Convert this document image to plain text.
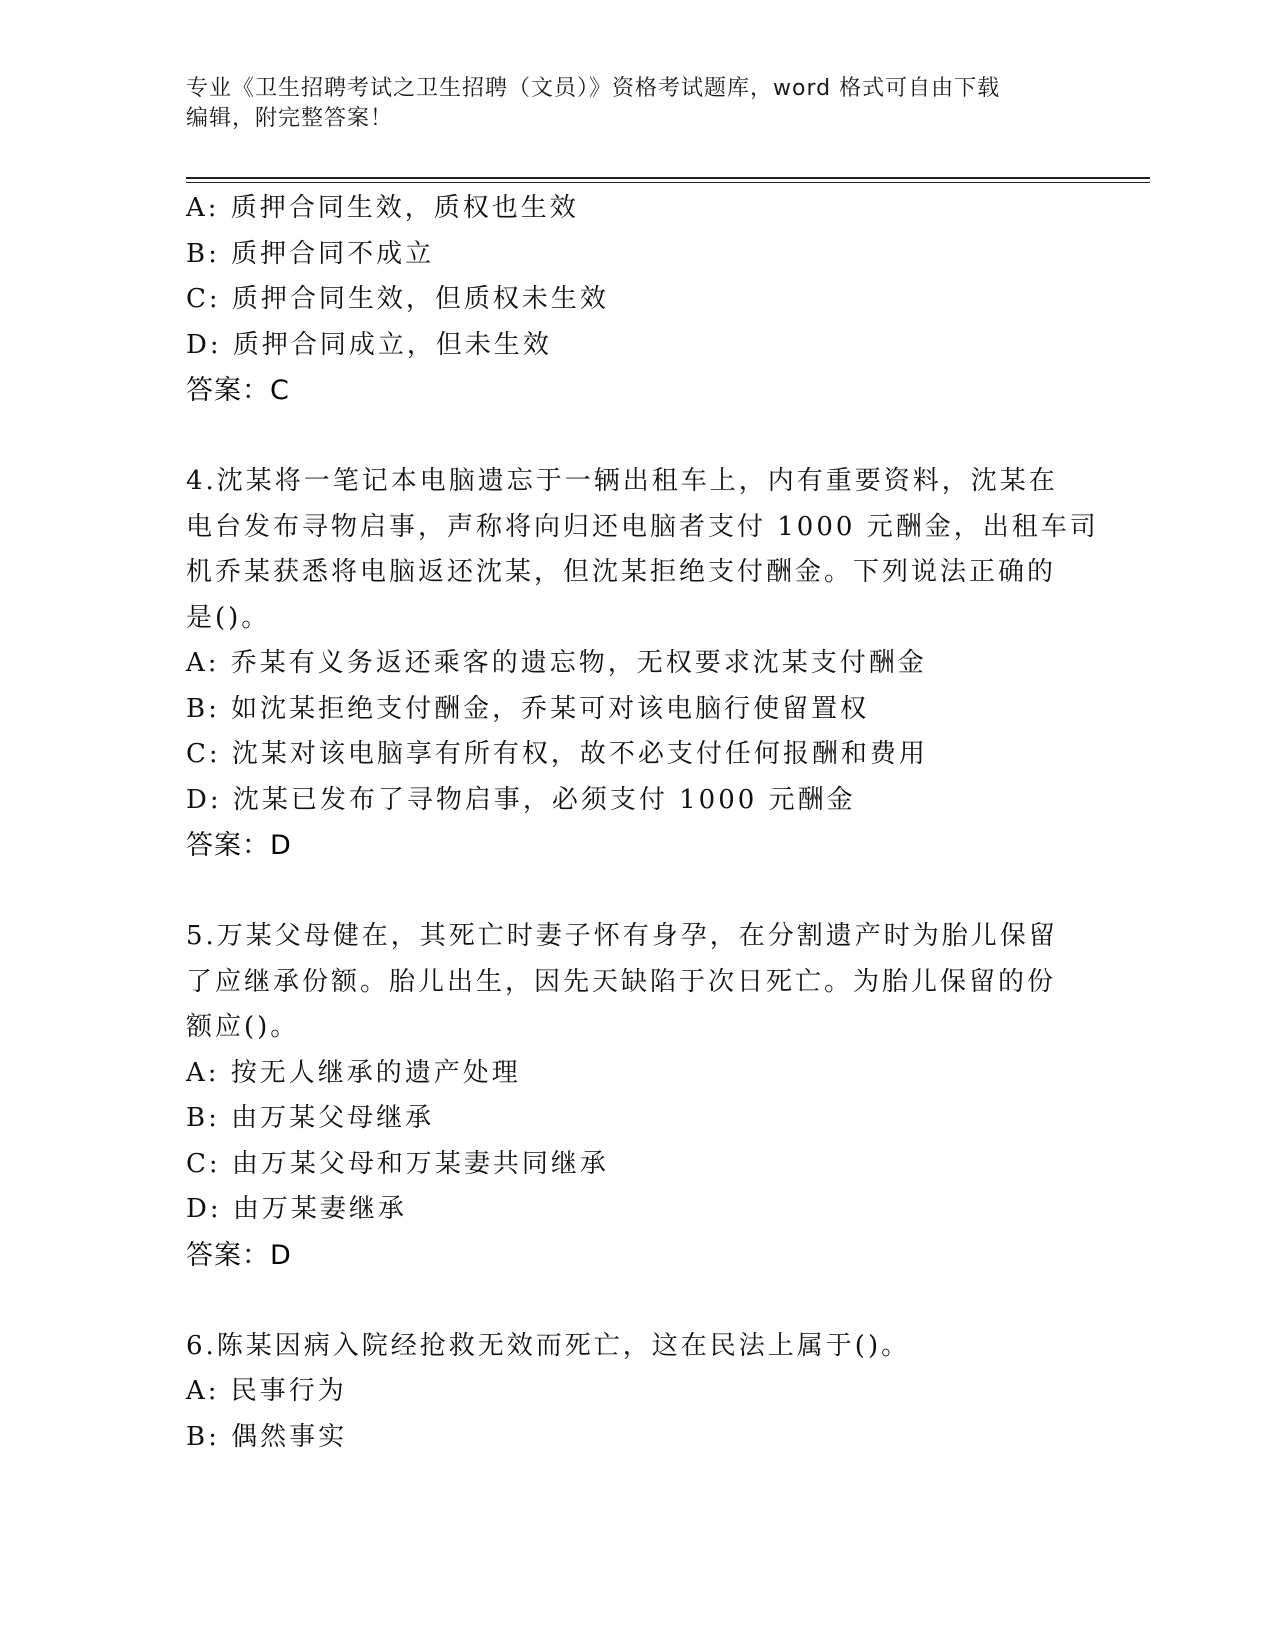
专业《卫生招聘考试之卫生招聘（文员）》资格考试题库，word 格式可自由下载
编辑，附完整答案！
A: 质押合同生效，质权也生效
B: 质押合同不成立
C: 质押合同生效，但质权未生效
D: 质押合同成立，但未生效
答案：C
4.沈某将一笔记本电脑遗忘于一辆出租车上，内有重要资料，沈某在
电台发布寻物启事，声称将向归还电脑者支付 1000 元酬金，出租车司
机乔某获悉将电脑返还沈某，但沈某拒绝支付酬金。下列说法正确的
是()。
A: 乔某有义务返还乘客的遗忘物，无权要求沈某支付酬金
B: 如沈某拒绝支付酬金，乔某可对该电脑行使留置权
C: 沈某对该电脑享有所有权，故不必支付任何报酬和费用
D: 沈某已发布了寻物启事，必须支付 1000 元酬金
答案：D
5.万某父母健在，其死亡时妻子怀有身孕，在分割遗产时为胎儿保留
了应继承份额。胎儿出生，因先天缺陷于次日死亡。为胎儿保留的份
额应()。
A: 按无人继承的遗产处理
B: 由万某父母继承
C: 由万某父母和万某妻共同继承
D: 由万某妻继承
答案：D
6.陈某因病入院经抢救无效而死亡，这在民法上属于()。
A: 民事行为
B: 偶然事实
